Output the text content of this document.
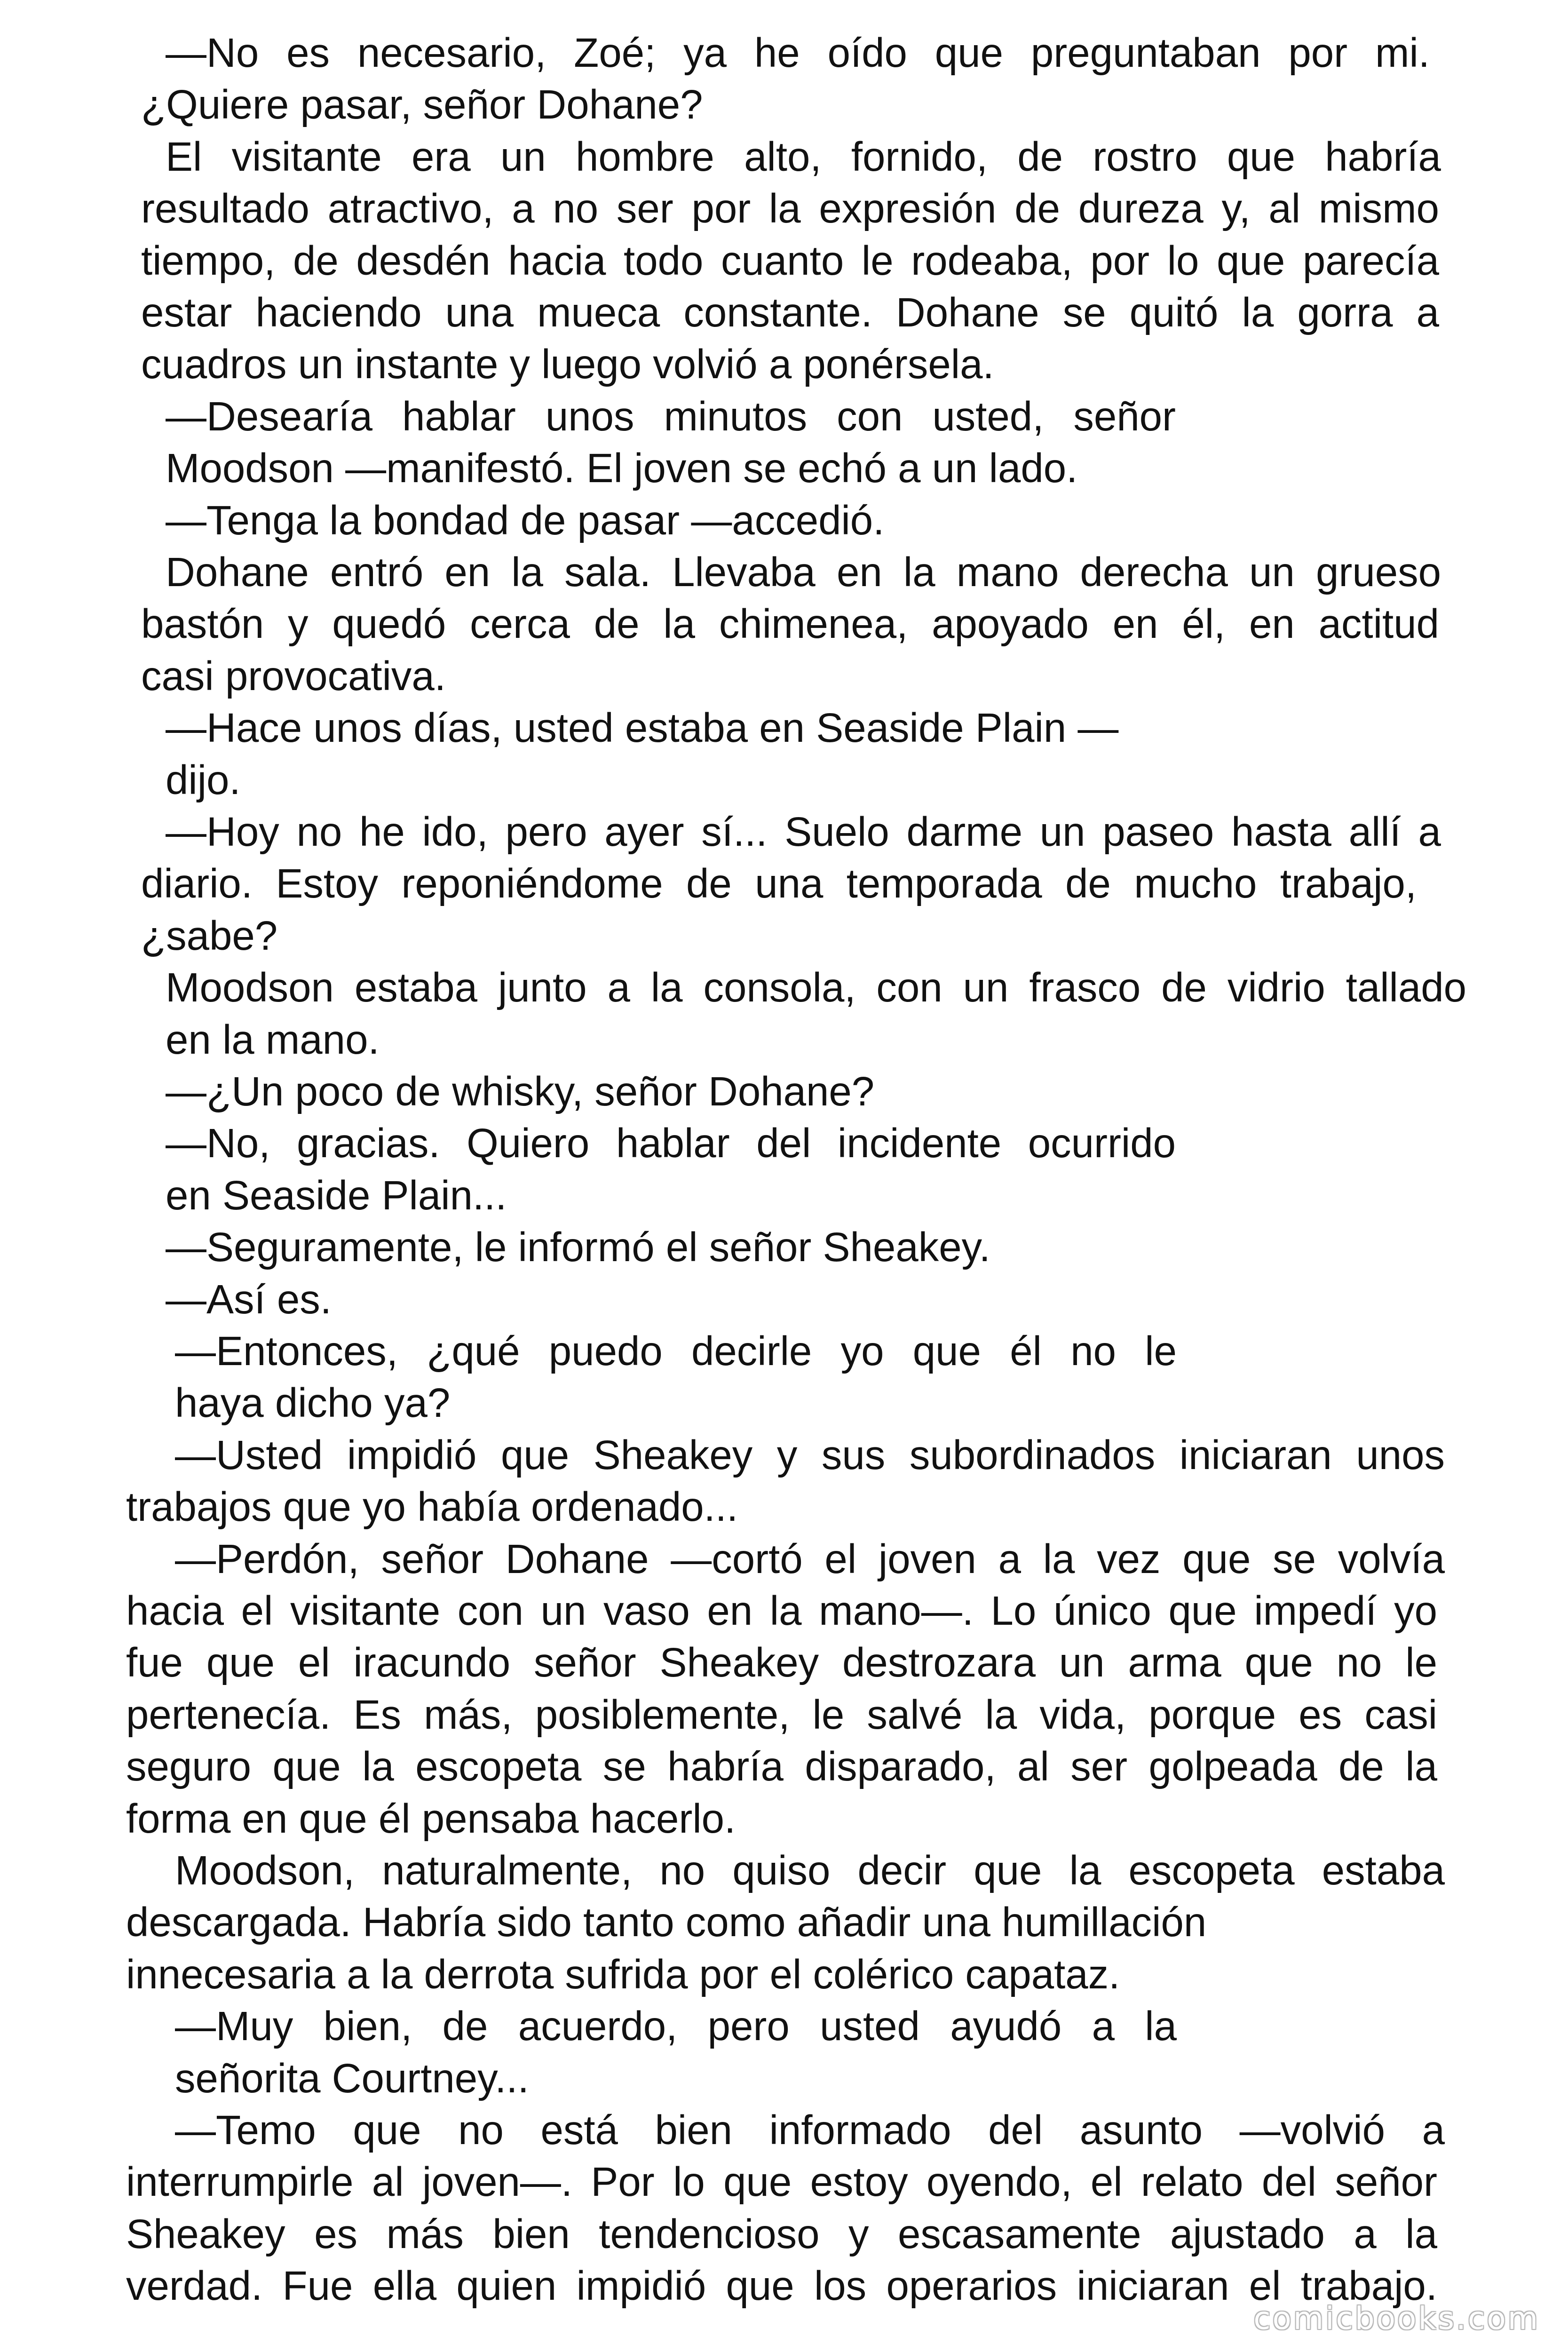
—No es necesario, Zoé; ya he oído que preguntaban por mi.
¿Quiere pasar, señor Dohane?
El visitante era un hombre alto, fornido, de rostro que habría
resultado atractivo, a no ser por la expresión de dureza y, al mismo
tiempo, de desdén hacia todo cuanto le rodeaba, por lo que parecía
estar haciendo una mueca constante. Dohane se quitó la gorra a
cuadros un instante y luego volvió a ponérsela.
—Desearía hablar unos minutos con usted, señor
Moodson —manifestó. El joven se echó a un lado.
—Tenga la bondad de pasar —accedió.
Dohane entró en la sala. Llevaba en la mano derecha un grueso
bastón y quedó cerca de la chimenea, apoyado en él, en actitud
casi provocativa.
—Hace unos días, usted estaba en Seaside Plain —
dijo.
—Hoy no he ido, pero ayer sí... Suelo darme un paseo hasta allí a
diario. Estoy reponiéndome de una temporada de mucho trabajo,
¿sabe?
Moodson estaba junto a la consola, con un frasco de vidrio tallado
en la mano.
—¿Un poco de whisky, señor Dohane?
—No, gracias. Quiero hablar del incidente ocurrido
en Seaside Plain...
—Seguramente, le informó el señor Sheakey.
—Así es.
—Entonces, ¿qué puedo decirle yo que él no le
haya dicho ya?
—Usted impidió que Sheakey y sus subordinados iniciaran unos
trabajos que yo había ordenado...
—Perdón, señor Dohane —cortó el joven a la vez que se volvía
hacia el visitante con un vaso en la mano—. Lo único que impedí yo
fue que el iracundo señor Sheakey destrozara un arma que no le
pertenecía. Es más, posiblemente, le salvé la vida, porque es casi
seguro que la escopeta se habría disparado, al ser golpeada de la
forma en que él pensaba hacerlo.
Moodson, naturalmente, no quiso decir que la escopeta estaba
descargada. Habría sido tanto como añadir una humillación
innecesaria a la derrota sufrida por el colérico capataz.
—Muy bien, de acuerdo, pero usted ayudó a la
señorita Courtney...
—Temo que no está bien informado del asunto —volvió a
interrumpirle al joven—. Por lo que estoy oyendo, el relato del señor
Sheakey es más bien tendencioso y escasamente ajustado a la
verdad. Fue ella quien impidió que los operarios iniciaran el trabajo.
comicbooks.com
